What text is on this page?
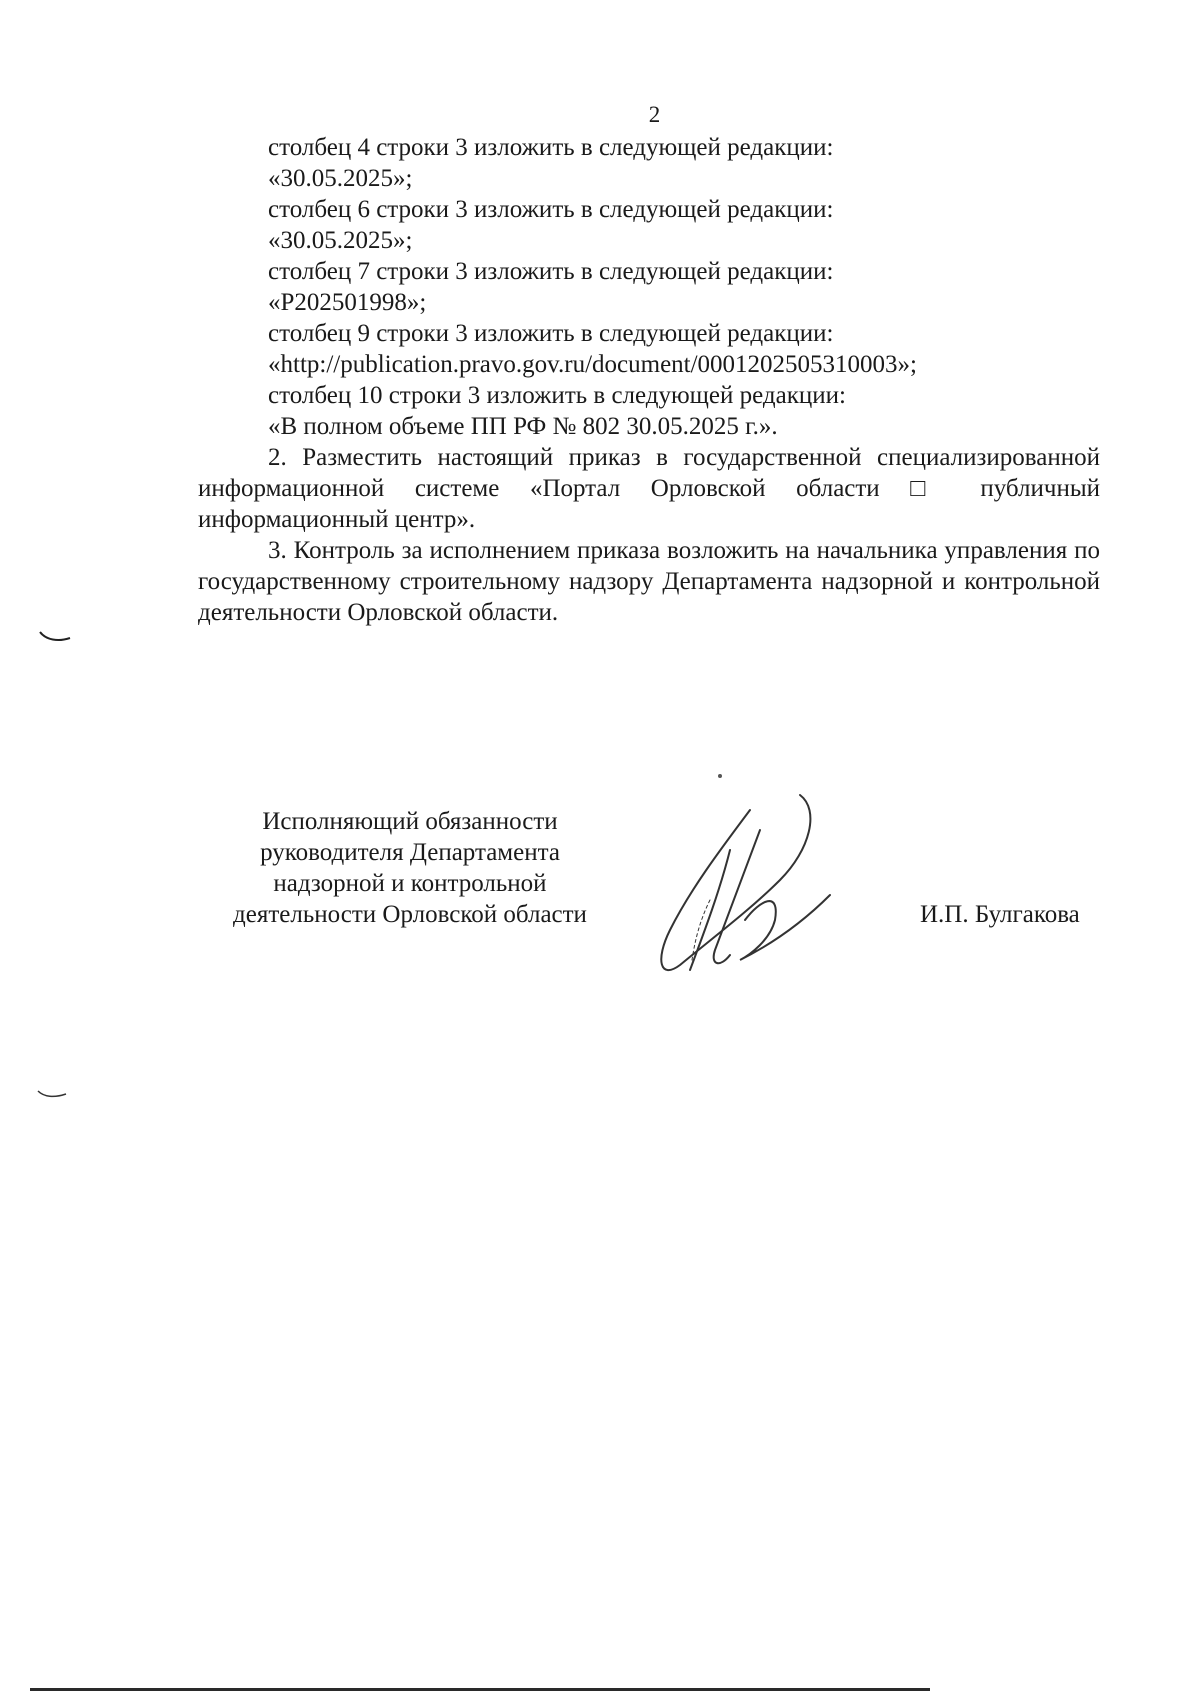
2
столбец 4 строки 3 изложить в следующей редакции:
«30.05.2025»;
столбец 6 строки 3 изложить в следующей редакции:
«30.05.2025»;
столбец 7 строки 3 изложить в следующей редакции:
«Р202501998»;
столбец 9 строки 3 изложить в следующей редакции:
«http://publication.pravo.gov.ru/document/0001202505310003»;
столбец 10 строки 3 изложить в следующей редакции:
«В полном объеме ПП РФ № 802 30.05.2025 г.».
2. Разместить настоящий приказ в государственной специализированной информационной системе «Портал Орловской области □ публичный информационный центр».
3. Контроль за исполнением приказа возложить на начальника управления по государственному строительному надзору Департамента надзорной и контрольной деятельности Орловской области.
Исполняющий обязанности
руководителя Департамента
надзорной и контрольной
деятельности Орловской области	И.П. Булгакова
